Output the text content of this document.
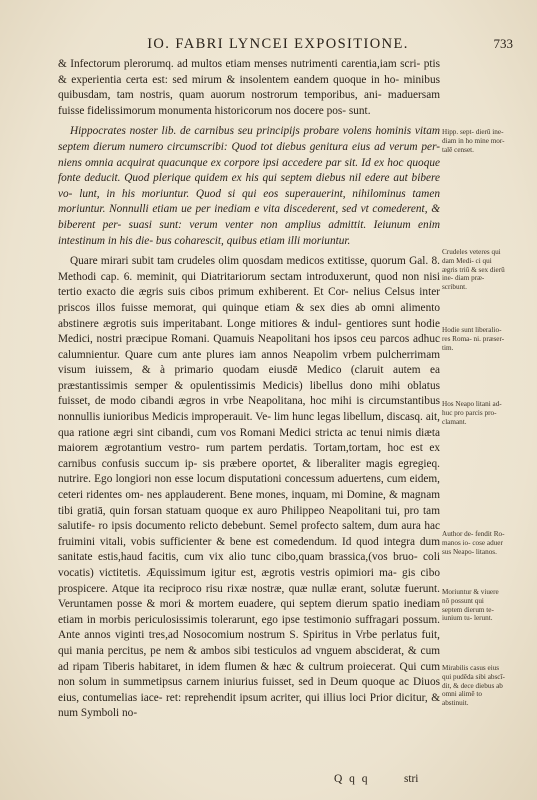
IO. FABRI LYNCEI EXPOSITIONE.	733

& Infectorum plerorumq. ad multos etiam menses nutrimenti carentia,iam scri- ptis & experientia certa est: sed mirum & insolentem eandem quoque in ho- minibus quibusdam, tam nostris, quam auorum nostrorum temporibus, ani- maduersam fuisse fidelissimorum monumenta historicorum nos docere pos- sunt.

Hippocrates noster lib. de carnibus seu principijs probare volens hominis vitam septem dierum numero circumscribi: Quod tot diebus genitura eius ad verum per- niens omnia acquirat quacunque ex corpore ipsi accedere par sit. Id ex hoc quoque fonte deducit. Quod plerique quidem ex his qui septem diebus nil edere aut bibere vo- lunt, in his moriuntur. Quod si qui eos superauerint, nihilominus tamen moriuntur. Nonnulli etiam ue per inediam e vita discederent, sed vt comederent, & biberent per- suasi sunt: verum venter non amplius admittit. Ieiunum enim intestinum in his die- bus coharescit, quibus etiam illi moriuntur.

Quare mirari subit tam crudeles olim quosdam medicos extitisse, quorum Gal. 8. Methodi cap. 6. meminit, qui Diatritariorum sectam introduxerunt, quod non nisi tertio exacto die ægris suis cibos primum exhiberent. Et Cor- nelius Celsus inter priscos illos fuisse memorat, qui quinque etiam & sex dies ab omni alimento abstinere ægrotis suis imperitabant. Longe mitiores & indul- gentiores sunt hodie Medici, nostri præcipue Romani. Quamuis Neapolitani hos ipsos ceu parcos adhuc calumnientur. Quare cum ante plures iam annos Neapolim vrbem pulcherrimam visum iuissem, & à primario quodam eiusdē Medico (claruit autem ea præstantissimis semper & opulentissimis Medicis) libellus dono mihi oblatus fuisset, de modo cibandi ægros in vrbe Neapolitana, hoc mihi is circumstantibus nonnullis iunioribus Medicis improperauit. Ve- lim hunc legas libellum, discasq. ait, qua ratione ægri sint cibandi, cum vos Romani Medici stricta ac tenui nimis diæta maiorem ægrotantium vestro- rum partem perdatis. Tortam,tortam, hoc est ex carnibus confusis succum ip- sis præbere oportet, & liberaliter magis egregieq. nutrire. Ego longiori non esse locum disputationi concessum aduertens, cum eidem, ceteri ridentes om- nes applauderent. Bene mones, inquam, mi Domine, & magnam tibi gratiā, quin forsan statuam quoque ex auro Philippeo Neapolitani tui, pro tam salutife- ro ipsis documento relicto debebunt. Semel profecto saltem, dum aura hac fruimini vitali, vobis sufficienter & bene est comedendum. Id quod integra dum sanitate estis,haud facitis, cum vix alio tunc cibo,quam brassica,(vos bruo- coli vocatis) victitetis. Æquissimum igitur est, ægrotis vestris opimiori ma- gis cibo prospicere. Atque ita reciproco risu rixæ nostræ, quæ nullæ erant, solutæ fuerunt. Veruntamen posse & mori & mortem euadere, qui septem dierum spatio inediam etiam in morbis periculosissimis tolerarunt, ego ipse testimonio suffragari possum. Ante annos viginti tres,ad Nosocomium nostrum S. Spiritus in Vrbe perlatus fuit, qui mania percitus, pe nem & ambos sibi testiculos ad vnguem absciderat, & cum ad ripam Tiberis habitaret, in idem flumen & hæc & cultrum proiecerat. Qui cum non solum in summetipsus carnem iniurius fuisset, sed in Deum quoque ac Diuos eius, contumelias iace- ret: reprehendit ipsum acriter, qui illius loci Prior dicitur, & num Symboli no-

Hipp. sept- dierū ine- diam in ho mine mor- talē censet.
Crudeles veteres qui dam Medi- ci qui ægris triū & sex dierū ine- diam præ- scribunt.
Hodie sunt liberalio- res Roma- ni. præser- tim.
Hos Neapo litani ad- huc pro parcis pro- clamant.
Author de- fendit Ro- manos io- cose aduer sus Neapo- litanos.
Moriuntur & viuere nō possunt qui septem dierum te- iunium tu- lerunt.
Mirabilis casus eius qui pudēda sibi abscī- dit, & dece diebus ab omni alimē to abstinuit.
Q q q	stri
